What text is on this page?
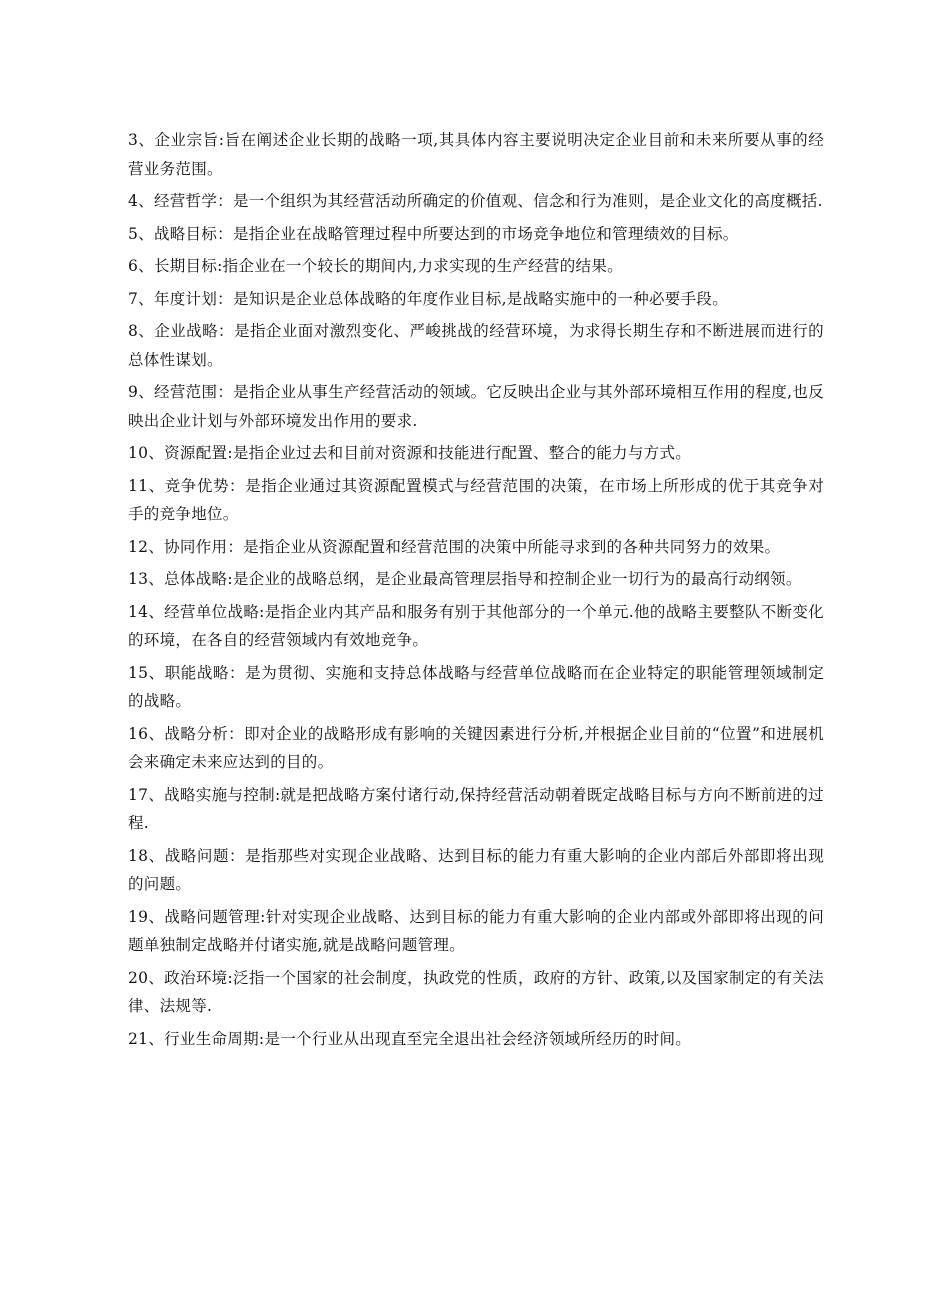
3、企业宗旨:旨在阐述企业长期的战略一项,其具体内容主要说明决定企业目前和未来所要从事的经营业务范围。

4、经营哲学：是一个组织为其经营活动所确定的价值观、信念和行为准则，是企业文化的高度概括.

5、战略目标：是指企业在战略管理过程中所要达到的市场竞争地位和管理绩效的目标。

6、长期目标:指企业在一个较长的期间内,力求实现的生产经营的结果。

7、年度计划：是知识是企业总体战略的年度作业目标,是战略实施中的一种必要手段。

8、企业战略：是指企业面对激烈变化、严峻挑战的经营环境，为求得长期生存和不断进展而进行的总体性谋划。

9、经营范围：是指企业从事生产经营活动的领域。它反映出企业与其外部环境相互作用的程度,也反映出企业计划与外部环境发出作用的要求.

10、资源配置:是指企业过去和目前对资源和技能进行配置、整合的能力与方式。

11、竞争优势：是指企业通过其资源配置模式与经营范围的决策，在市场上所形成的优于其竞争对手的竞争地位。

12、协同作用：是指企业从资源配置和经营范围的决策中所能寻求到的各种共同努力的效果。

13、总体战略:是企业的战略总纲，是企业最高管理层指导和控制企业一切行为的最高行动纲领。

14、经营单位战略:是指企业内其产品和服务有别于其他部分的一个单元.他的战略主要整队不断变化的环境，在各自的经营领域内有效地竞争。

15、职能战略：是为贯彻、实施和支持总体战略与经营单位战略而在企业特定的职能管理领域制定的战略。

16、战略分析：即对企业的战略形成有影响的关键因素进行分析,并根据企业目前的“位置”和进展机会来确定未来应达到的目的。

17、战略实施与控制:就是把战略方案付诸行动,保持经营活动朝着既定战略目标与方向不断前进的过程.

18、战略问题：是指那些对实现企业战略、达到目标的能力有重大影响的企业内部后外部即将出现的问题。

19、战略问题管理:针对实现企业战略、达到目标的能力有重大影响的企业内部或外部即将出现的问题单独制定战略并付诸实施,就是战略问题管理。

20、政治环境:泛指一个国家的社会制度，执政党的性质，政府的方针、政策,以及国家制定的有关法律、法规等.

21、行业生命周期:是一个行业从出现直至完全退出社会经济领域所经历的时间。
